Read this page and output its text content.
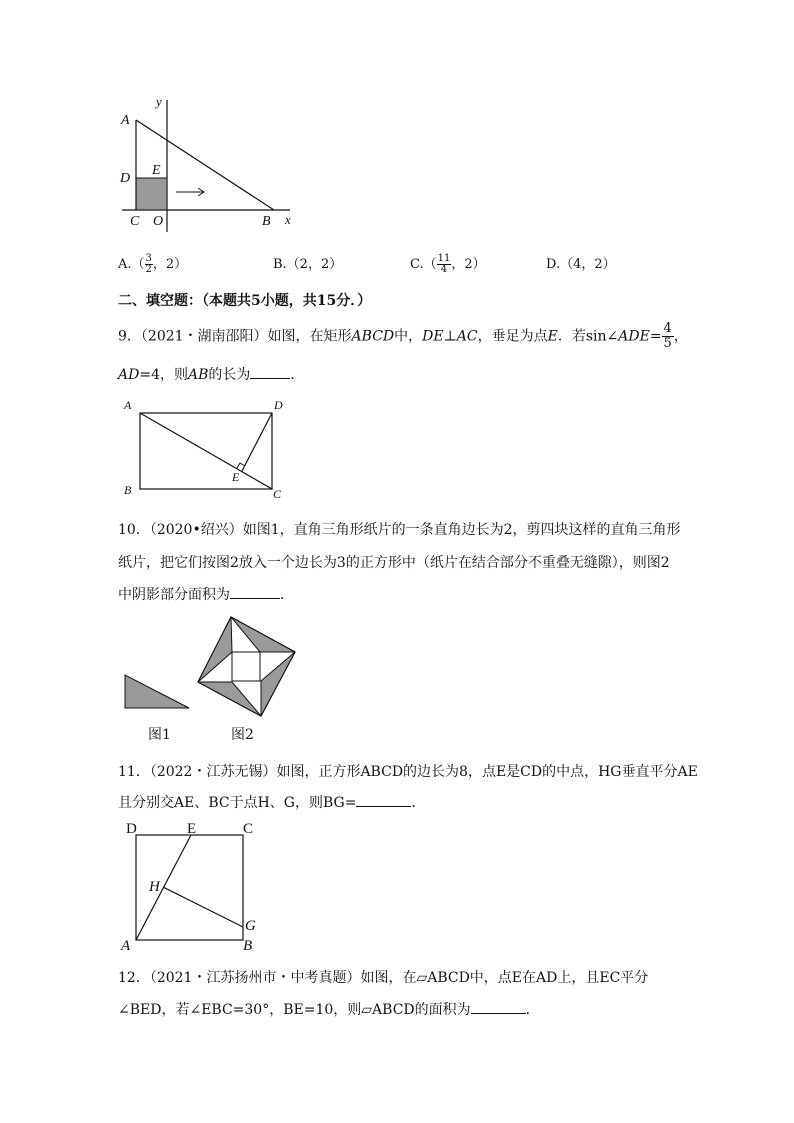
y
A
D
E
C O	B x
$A.( \frac{3}{2}$ ，2）	B.（2，2）	$C.( \frac{11}{4}$ ，2）	D.（4，2）
二、填空题：（本题共5小题，共15分．）
9．（2021・湖南邵阳）如图，在矩形ABCD中，DE⊥AC，垂足为点E．若sin∠ADE= $\frac{4}{5}$ ，
AD=4，则AB的长为	．
A	D
B	C
E
10．（2020•绍兴）如图1，直角三角形纸片的一条直角边长为2，剪四块这样的直角三角形
纸片，把它们按图2放入一个边长为3的正方形中（纸片在结合部分不重叠无缝隙），则图2
中阴影部分面积为	．
图1	图2
11．（2022・江苏无锡）如图，正方形ABCD的边长为8，点E是CD的中点，HG垂直平分AE
且分别交AE、BC于点H、G，则BG=	．
D	E	C
H
G
A	B
12．（2021・江苏扬州市・中考真题）如图，在▱ABCD中，点E在AD上，且EC平分
∠BED，若∠EBC=30°，BE=10，则▱ABCD的面积为	．
